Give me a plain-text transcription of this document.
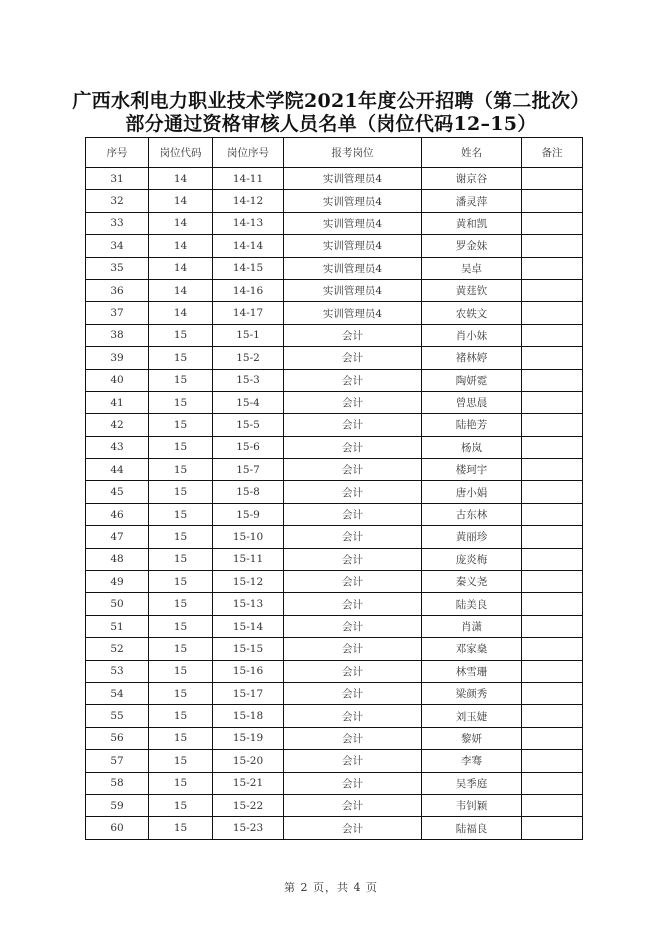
广西水利电力职业技术学院2021年度公开招聘（第二批次）
部分通过资格审核人员名单（岗位代码12–15）
序号	岗位代码	岗位序号	报考岗位	姓名	备注
31	14	14-11	实训管理员4	谢京谷	
32	14	14-12	实训管理员4	潘灵萍	
33	14	14-13	实训管理员4	黄和凯	
34	14	14-14	实训管理员4	罗金妹	
35	14	14-15	实训管理员4	吴卓	
36	14	14-16	实训管理员4	黄莛钦	
37	14	14-17	实训管理员4	农轶文	
38	15	15-1	会计	肖小妹	
39	15	15-2	会计	褚林婷	
40	15	15-3	会计	陶妍霓	
41	15	15-4	会计	曾思晨	
42	15	15-5	会计	陆艳芳	
43	15	15-6	会计	杨岚	
44	15	15-7	会计	楼珂宇	
45	15	15-8	会计	唐小娟	
46	15	15-9	会计	古东林	
47	15	15-10	会计	黄丽珍	
48	15	15-11	会计	庞炎梅	
49	15	15-12	会计	秦义尧	
50	15	15-13	会计	陆美良	
51	15	15-14	会计	肖潇	
52	15	15-15	会计	邓家燊	
53	15	15-16	会计	林雪珊	
54	15	15-17	会计	梁颜秀	
55	15	15-18	会计	刘玉婕	
56	15	15-19	会计	黎妍	
57	15	15-20	会计	李骞	
58	15	15-21	会计	吴季庭	
59	15	15-22	会计	韦钊颖	
60	15	15-23	会计	陆福良	
第 2 页，共 4 页
